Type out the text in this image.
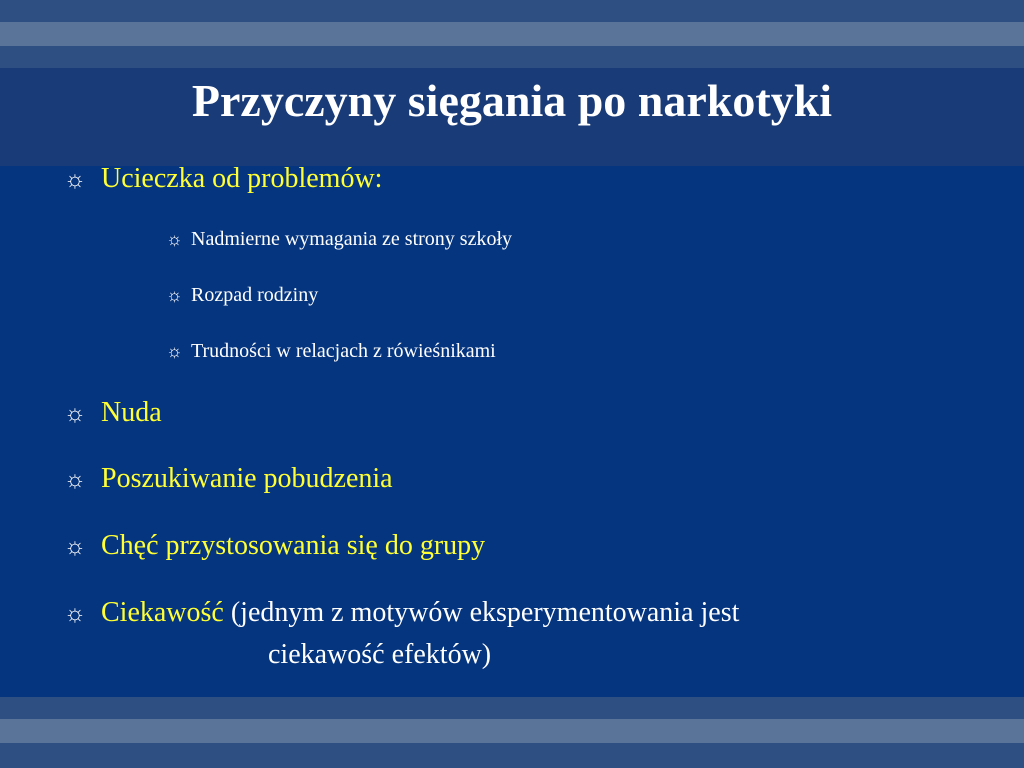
Przyczyny sięgania po narkotyki
☼ Ucieczka od problemów:
☼ Nadmierne wymagania ze strony szkoły
☼ Rozpad rodziny
☼ Trudności w relacjach z rówieśnikami
☼ Nuda
☼ Poszukiwanie pobudzenia
☼ Chęć przystosowania się do grupy
☼ Ciekawość
(jednym z motywów eksperymentowania jest
ciekawość efektów)
